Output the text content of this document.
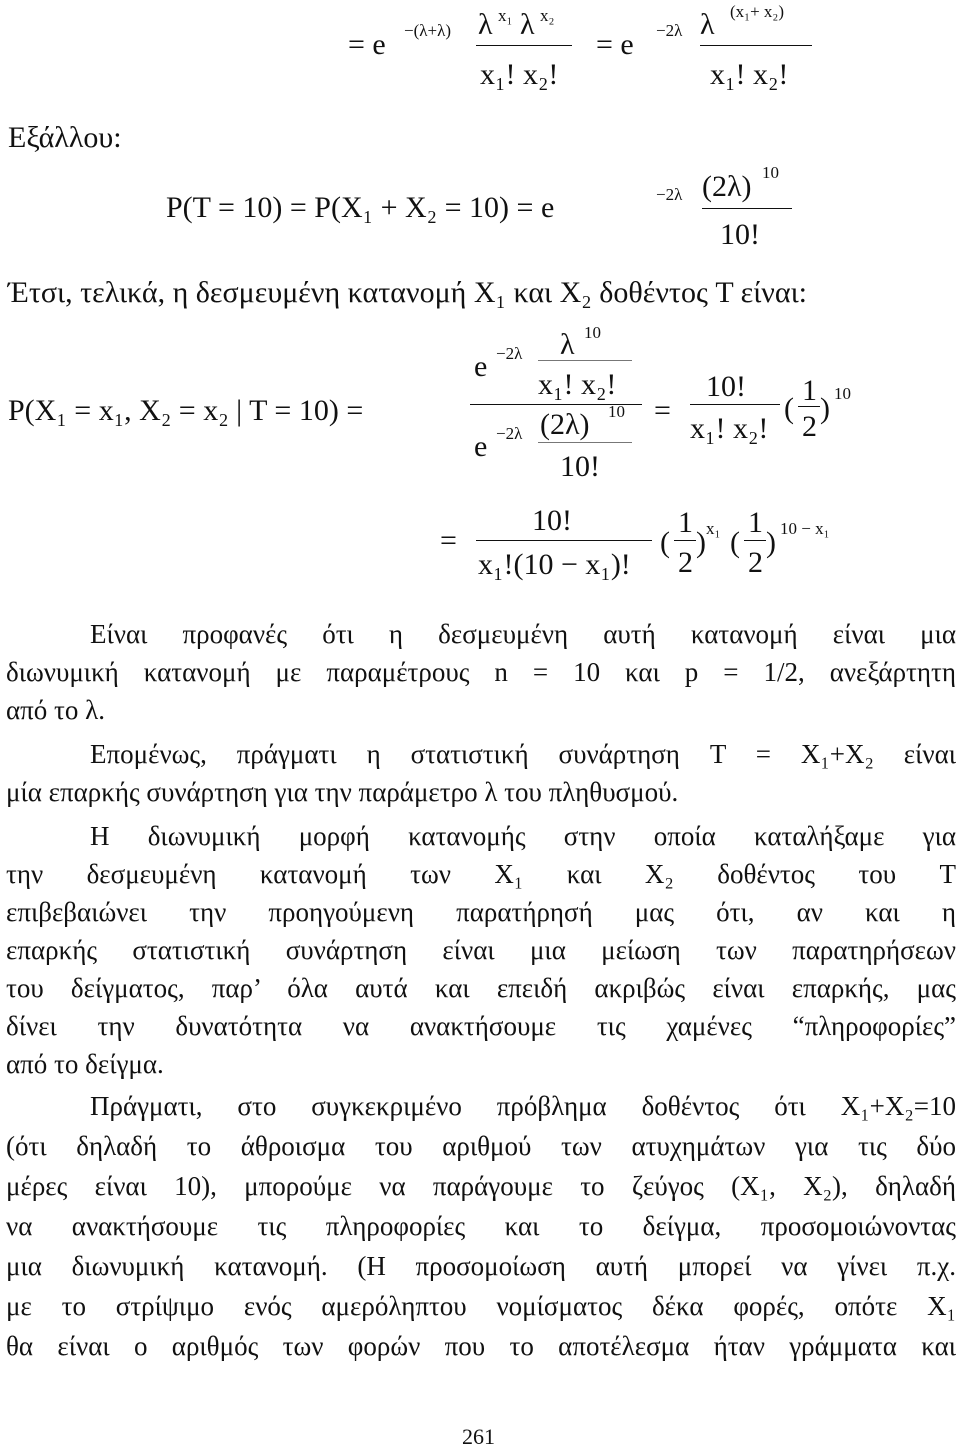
= e −(λ+λ) λ x₁ λ x₂
x₁! x₂!
= e −2λ λ (x₁+ x₂)
x₁! x₂!
Εξάλλου:
P(T = 10) = P(X₁ + X₂ = 10) = e	−2λ (2λ) 10
10!
Έτσι, τελικά, η δεσμευμένη κατανομή X₁ και X₂ δοθέντος T είναι:
P(X₁ = x₁, X₂ = x₂ | T = 10) =
e −2λ λ 10
x₁! x₂!
e −2λ (2λ) 10
10!
=
10!
x₁! x₂!
(
1
2
) 10
=
10!
x₁!(10 − x₁)!
(
1
2
) x₁ (
1
2
) 10 − x₁
Είναι προφανές ότι η δεσμευμένη αυτή κατανομή είναι μια
διωνυμική κατανομή με παραμέτρους n = 10 και p = 1/2, ανεξάρτητη
από το λ.
Επομένως, πράγματι η στατιστική συνάρτηση T = X₁+X₂ είναι
μία επαρκής συνάρτηση για την παράμετρο λ του πληθυσμού.
Η διωνυμική μορφή κατανομής στην οποία καταλήξαμε για
την δεσμευμένη κατανομή των X₁ και X₂ δοθέντος του T
επιβεβαιώνει την προηγούμενη παρατήρησή μας ότι, αν και η
επαρκής στατιστική συνάρτηση είναι μια μείωση των παρατηρήσεων
του δείγματος, παρ’ όλα αυτά και επειδή ακριβώς είναι επαρκής, μας
δίνει την δυνατότητα να ανακτήσουμε τις χαμένες “πληροφορίες”
από το δείγμα.
Πράγματι, στο συγκεκριμένο πρόβλημα δοθέντος ότι X₁+X₂=10
(ότι δηλαδή το άθροισμα του αριθμού των ατυχημάτων για τις δύο
μέρες είναι 10), μπορούμε να παράγουμε το ζεύγος (X₁, X₂), δηλαδή
να ανακτήσουμε τις πληροφορίες και το δείγμα, προσομοιώνοντας
μια διωνυμική κατανομή. (Η προσομοίωση αυτή μπορεί να γίνει π.χ.
με το στρίψιμο ενός αμερόληπτου νομίσματος δέκα φορές, οπότε X₁
θα είναι ο αριθμός των φορών που το αποτέλεσμα ήταν γράμματα και
261
